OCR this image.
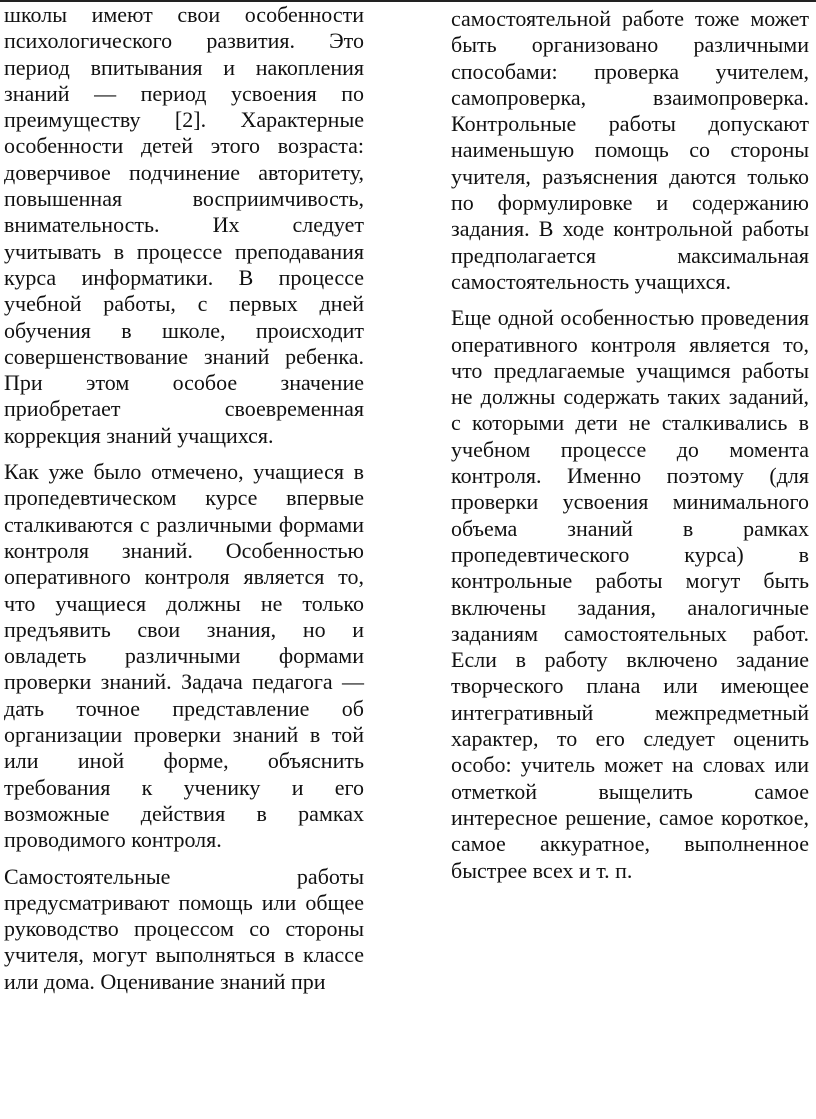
школы имеют свои особенности психологического развития. Это период впитывания и накопления знаний — период усвоения по преимуществу [2]. Характерные особенности детей этого возраста: доверчивое подчинение авторитету, повышенная восприимчивость, внимательность. Их следует учитывать в процессе преподавания курса информатики. В процессе учебной работы, с первых дней обучения в школе, происходит совершенствование знаний ребенка. При этом особое значение приобретает своевременная коррекция знаний учащихся.

Как уже было отмечено, учащиеся в пропедевтическом курсе впервые сталкиваются с различными формами контроля знаний. Особенностью оперативного контроля является то, что учащиеся должны не только предъявить свои знания, но и овладеть различными формами проверки знаний. Задача педагога — дать точное представление об организации проверки знаний в той или иной форме, объяснить требования к ученику и его возможные действия в рамках проводимого контроля.

Самостоятельные работы предусматривают помощь или общее руководство процессом со стороны учителя, могут выполняться в классе или дома. Оценивание знаний при

самостоятельной работе тоже может быть организовано различными способами: проверка учителем, самопроверка, взаимопроверка. Контрольные работы допускают наименьшую помощь со стороны учителя, разъяснения даются только по формулировке и содержанию задания. В ходе контрольной работы предполагается максимальная самостоятельность учащихся.

Еще одной особенностью проведения оперативного контроля является то, что предлагаемые учащимся работы не должны содержать таких заданий, с которыми дети не сталкивались в учебном процессе до момента контроля. Именно поэтому (для проверки усвоения минимального объема знаний в рамках пропедевтического курса) в контрольные работы могут быть включены задания, аналогичные заданиям самостоятельных работ. Если в работу включено задание творческого плана или имеющее интегративный межпредметный характер, то его следует оценить особо: учитель может на словах или отметкой выщелить самое интересное решение, самое короткое, самое аккуратное, выполненное быстрее всех и т. п.
